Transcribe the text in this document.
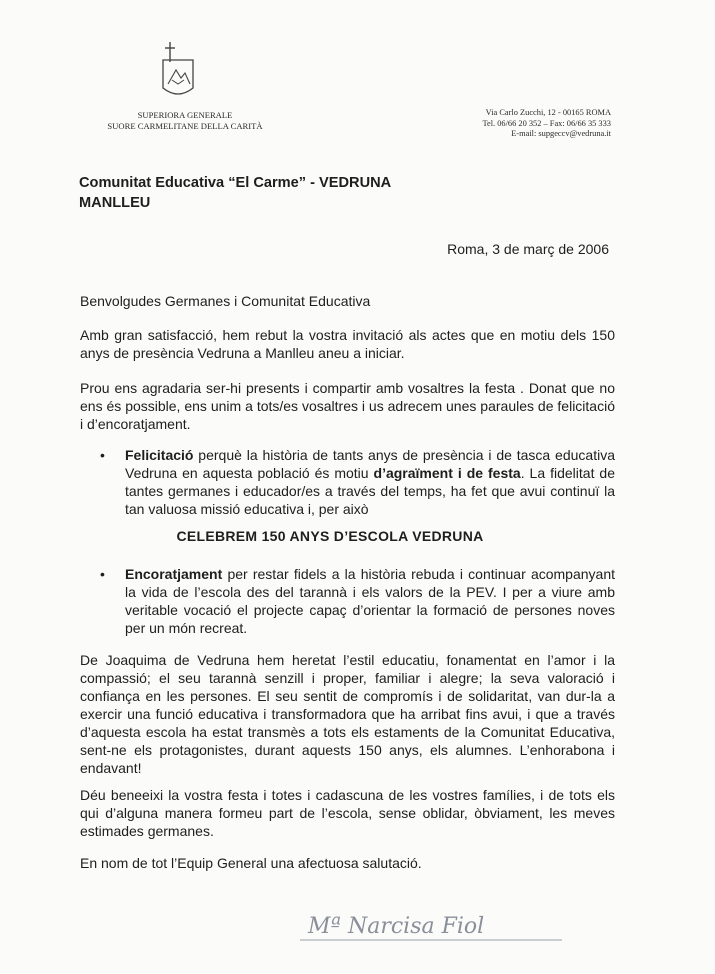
SUPERIORA GENERALE
SUORE CARMELITANE DELLA CARITÀ
Via Carlo Zucchi, 12 - 00165 ROMA
Tel. 06/66 20 352 – Fax: 06/66 35 333
E-mail: supgeccv@vedruna.it
Comunitat Educativa “El Carme” - VEDRUNA
MANLLEU
Roma, 3 de març de 2006

Benvolgudes Germanes i Comunitat Educativa

Amb gran satisfacció, hem rebut la vostra invitació als actes que en motiu dels 150 anys de presència Vedruna a Manlleu aneu a iniciar.

Prou ens agradaria ser-hi presents i compartir amb vosaltres la festa . Donat que no ens és possible, ens unim a tots/es vosaltres i us adrecem unes paraules de felicitació i d’encoratjament.

• Felicitació perquè la història de tants anys de presència i de tasca educativa Vedruna en aquesta població és motiu d’agraïment i de festa. La fidelitat de tantes germanes i educador/es a través del temps, ha fet que avui continuï la tan valuosa missió educativa i, per això
CELEBREM 150 ANYS D’ESCOLA VEDRUNA
• Encoratjament per restar fidels a la història rebuda i continuar acompanyant la vida de l’escola des del tarannà i els valors de la PEV. I per a viure amb veritable vocació el projecte capaç d’orientar la formació de persones noves per un món recreat.

De Joaquima de Vedruna hem heretat l’estil educatiu, fonamentat en l’amor i la compassió; el seu tarannà senzill i proper, familiar i alegre; la seva valoració i confiança en les persones. El seu sentit de compromís i de solidaritat, van dur-la a exercir una funció educativa i transformadora que ha arribat fins avui, i que a través d’aquesta escola ha estat transmès a tots els estaments de la Comunitat Educativa, sent-ne els protagonistes, durant aquests 150 anys, els alumnes. L’enhorabona i endavant!

Déu beneeixi la vostra festa i totes i cadascuna de les vostres famílies, i de tots els qui d’alguna manera formeu part de l’escola, sense oblidar, òbviament, les meves estimades germanes.

En nom de tot l’Equip General una afectuosa salutació.

Mª Narcisa Fiol
